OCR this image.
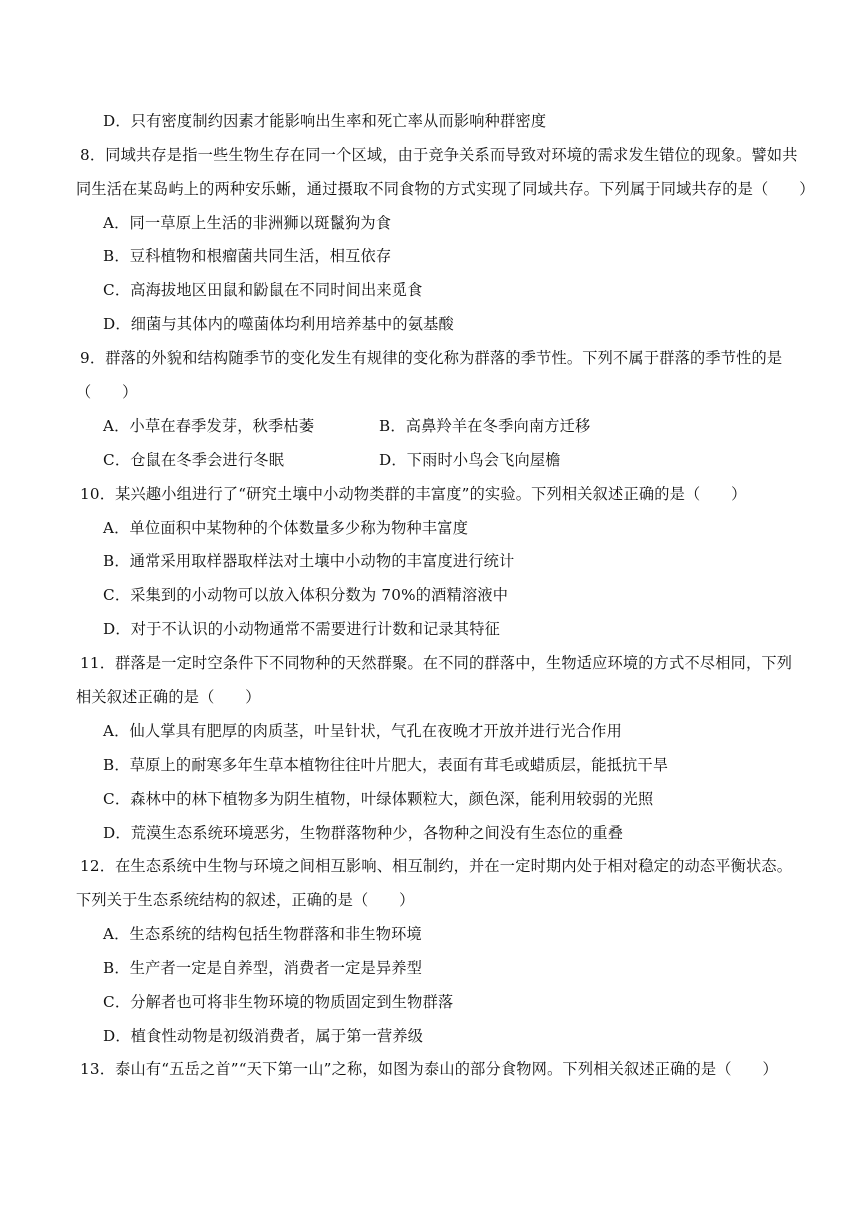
D．只有密度制约因素才能影响出生率和死亡率从而影响种群密度
8．同域共存是指一些生物生存在同一个区域，由于竞争关系而导致对环境的需求发生错位的现象。譬如共
同生活在某岛屿上的两种安乐蜥，通过摄取不同食物的方式实现了同域共存。下列属于同域共存的是（　　）
A．同一草原上生活的非洲狮以斑鬣狗为食
B．豆科植物和根瘤菌共同生活，相互依存
C．高海拔地区田鼠和鼢鼠在不同时间出来觅食
D．细菌与其体内的噬菌体均利用培养基中的氨基酸
9．群落的外貌和结构随季节的变化发生有规律的变化称为群落的季节性。下列不属于群落的季节性的是
（　　）
A．小草在春季发芽，秋季枯萎	B．高鼻羚羊在冬季向南方迁移
C．仓鼠在冬季会进行冬眠	D．下雨时小鸟会飞向屋檐
10．某兴趣小组进行了“研究土壤中小动物类群的丰富度”的实验。下列相关叙述正确的是（　　）
A．单位面积中某物种的个体数量多少称为物种丰富度
B．通常采用取样器取样法对土壤中小动物的丰富度进行统计
C．采集到的小动物可以放入体积分数为 70%的酒精溶液中
D．对于不认识的小动物通常不需要进行计数和记录其特征
11．群落是一定时空条件下不同物种的天然群聚。在不同的群落中，生物适应环境的方式不尽相同，下列
相关叙述正确的是（　　）
A．仙人掌具有肥厚的肉质茎，叶呈针状，气孔在夜晚才开放并进行光合作用
B．草原上的耐寒多年生草本植物往往叶片肥大，表面有茸毛或蜡质层，能抵抗干旱
C．森林中的林下植物多为阴生植物，叶绿体颗粒大，颜色深，能利用较弱的光照
D．荒漠生态系统环境恶劣，生物群落物种少，各物种之间没有生态位的重叠
12．在生态系统中生物与环境之间相互影响、相互制约，并在一定时期内处于相对稳定的动态平衡状态。
下列关于生态系统结构的叙述，正确的是（　　）
A．生态系统的结构包括生物群落和非生物环境
B．生产者一定是自养型，消费者一定是异养型
C．分解者也可将非生物环境的物质固定到生物群落
D．植食性动物是初级消费者，属于第一营养级
13．泰山有“五岳之首”“天下第一山”之称，如图为泰山的部分食物网。下列相关叙述正确的是（　　）
